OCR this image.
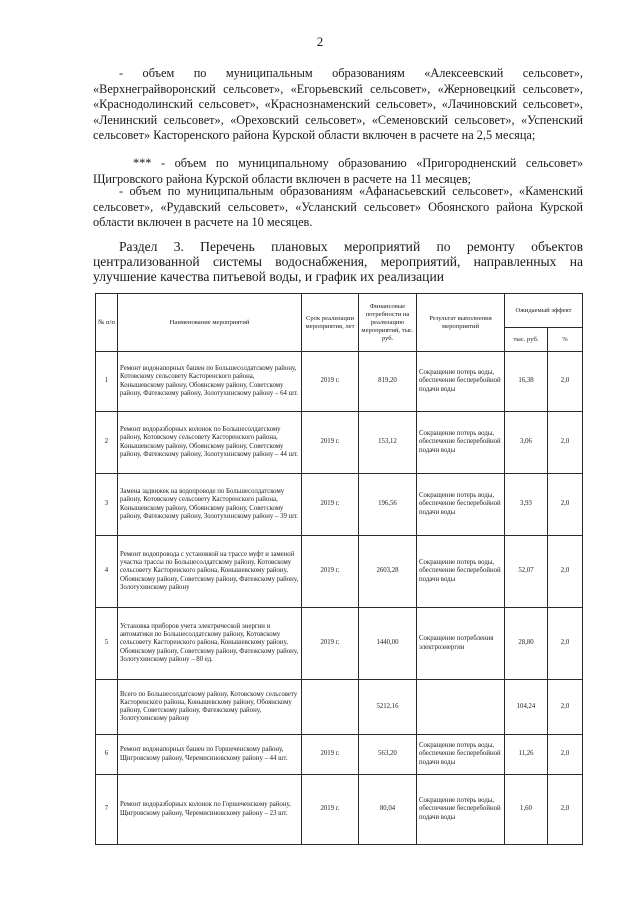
2

- объем по муниципальным образованиям «Алексеевский сельсовет», «Верхнеграйворонский сельсовет», «Егорьевский сельсовет», «Жерновецкий сельсовет», «Краснодолинский сельсовет», «Краснознаменский сельсовет», «Лачиновский сельсовет», «Ленинский сельсовет», «Ореховский сельсовет», «Семеновский сельсовет», «Успенский сельсовет» Касторенского района Курской области включен в расчете на 2,5 месяца;

*** - объем по муниципальному образованию «Пригородненский сельсовет» Щигровского района Курской области включен в расчете на 11 месяцев;

- объем по муниципальным образованиям «Афанасьевский сельсовет», «Каменский сельсовет», «Рудавский сельсовет», «Усланский сельсовет» Обоянского района Курской области включен в расчете на 10 месяцев.

Раздел 3. Перечень плановых мероприятий по ремонту объектов централизованной системы водоснабжения, мероприятий, направленных на улучшение качества питьевой воды, и график их реализации

№ п/п	Наименование мероприятий	Срок реализации мероприятия, лет	Финансовые потребности на реализацию мероприятий, тыс. руб.	Результат выполнения мероприятий	Ожидаемый эффект	
					тыс. руб.	%
1	Ремонт водонапорных башен по Большесолдатскому району, Котовскому сельсовету Касторенского района, Конышевскому району, Обоянскому району, Советскому району, Фатежскому району, Золотухинскому району – 64 шт.	2019 г.	819,20	Сокращение потерь воды, обеспечение бесперебойной подачи воды	16,38	2,0
2	Ремонт водоразборных колонок по Большесолдатскому району, Котовскому сельсовету Касторенского района, Конышевскому району, Обоянскому району, Советскому району, Фатежскому району, Золотухинскому району – 44 шт.	2019 г.	153,12	Сокращение потерь воды, обеспечение бесперебойной подачи воды	3,06	2,0
3	Замена задвижек на водопроводе по Большесолдатскому району, Котовскому сельсовету Касторенского района, Конышевскому району, Обоянскому району, Советскому району, Фатежскому району, Золотухинскому району – 39 шт.	2019 г.	196,56	Сокращение потерь воды, обеспечение бесперебойной подачи воды	3,93	2,0
4	Ремонт водопровода с установкой на трассе муфт и заменой участка трассы по Большесолдатскому району, Котовскому сельсовету Касторенского района, Конышевскому району, Обоянскому району, Советскому району, Фатежскому району, Золотухинскому району	2019 г.	2603,28	Сокращение потерь воды, обеспечение бесперебойной подачи воды	52,07	2,0
5	Установка приборов учета электрической энергии и автоматики по Большесолдатскому району, Котовскому сельсовету Касторенского района, Конышевскому району, Обоянскому району, Советскому району, Фатежскому району, Золотухинскому району – 80 ед.	2019 г.	1440,00	Сокращение потребления электроэнергии	28,80	2,0
	Всего по Большесолдатскому району, Котовскому сельсовету Касторенского района, Конышевскому району, Обоянскому району, Советскому району, Фатежскому району, Золотухинскому району		5212,16		104,24	2,0
6	Ремонт водонапорных башен по Горшеченскому району, Щигровскому району, Черемисиновскому району – 44 шт.	2019 г.	563,20	Сокращение потерь воды, обеспечение бесперебойной подачи воды	11,26	2,0
7	Ремонт водоразборных колонок по Горшеченскому району, Щигровскому району, Черемисиновскому району – 23 шт.	2019 г.	80,04	Сокращение потерь воды, обеспечение бесперебойной подачи воды	1,60	2,0
